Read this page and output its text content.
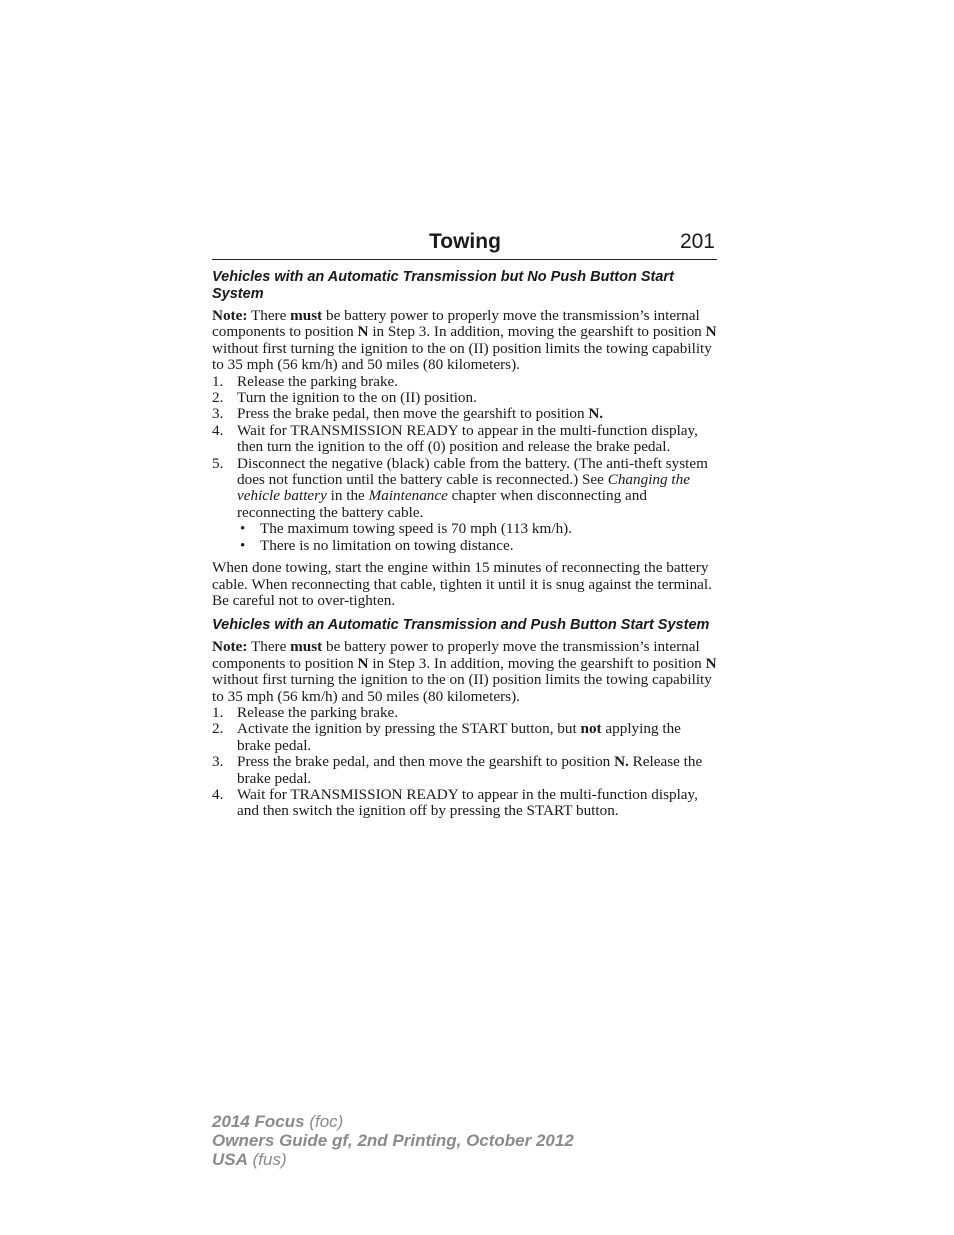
Towing	201
Vehicles with an Automatic Transmission but No Push Button Start System

Note: There must be battery power to properly move the transmission’s internal components to position N in Step 3. In addition, moving the gearshift to position N without first turning the ignition to the on (II) position limits the towing capability to 35 mph (56 km/h) and 50 miles (80 kilometers).

1. Release the parking brake.
2. Turn the ignition to the on (II) position.
3. Press the brake pedal, then move the gearshift to position N.
4. Wait for TRANSMISSION READY to appear in the multi-function display, then turn the ignition to the off (0) position and release the brake pedal.
5. Disconnect the negative (black) cable from the battery. (The anti-theft system does not function until the battery cable is reconnected.) See Changing the vehicle battery in the Maintenance chapter when disconnecting and reconnecting the battery cable.
• The maximum towing speed is 70 mph (113 km/h).
• There is no limitation on towing distance.

When done towing, start the engine within 15 minutes of reconnecting the battery cable. When reconnecting that cable, tighten it until it is snug against the terminal. Be careful not to over-tighten.

Vehicles with an Automatic Transmission and Push Button Start System

Note: There must be battery power to properly move the transmission’s internal components to position N in Step 3. In addition, moving the gearshift to position N without first turning the ignition to the on (II) position limits the towing capability to 35 mph (56 km/h) and 50 miles (80 kilometers).

1. Release the parking brake.
2. Activate the ignition by pressing the START button, but not applying the brake pedal.
3. Press the brake pedal, and then move the gearshift to position N. Release the brake pedal.
4. Wait for TRANSMISSION READY to appear in the multi-function display, and then switch the ignition off by pressing the START button.
2014 Focus (foc)
Owners Guide gf, 2nd Printing, October 2012
USA (fus)
